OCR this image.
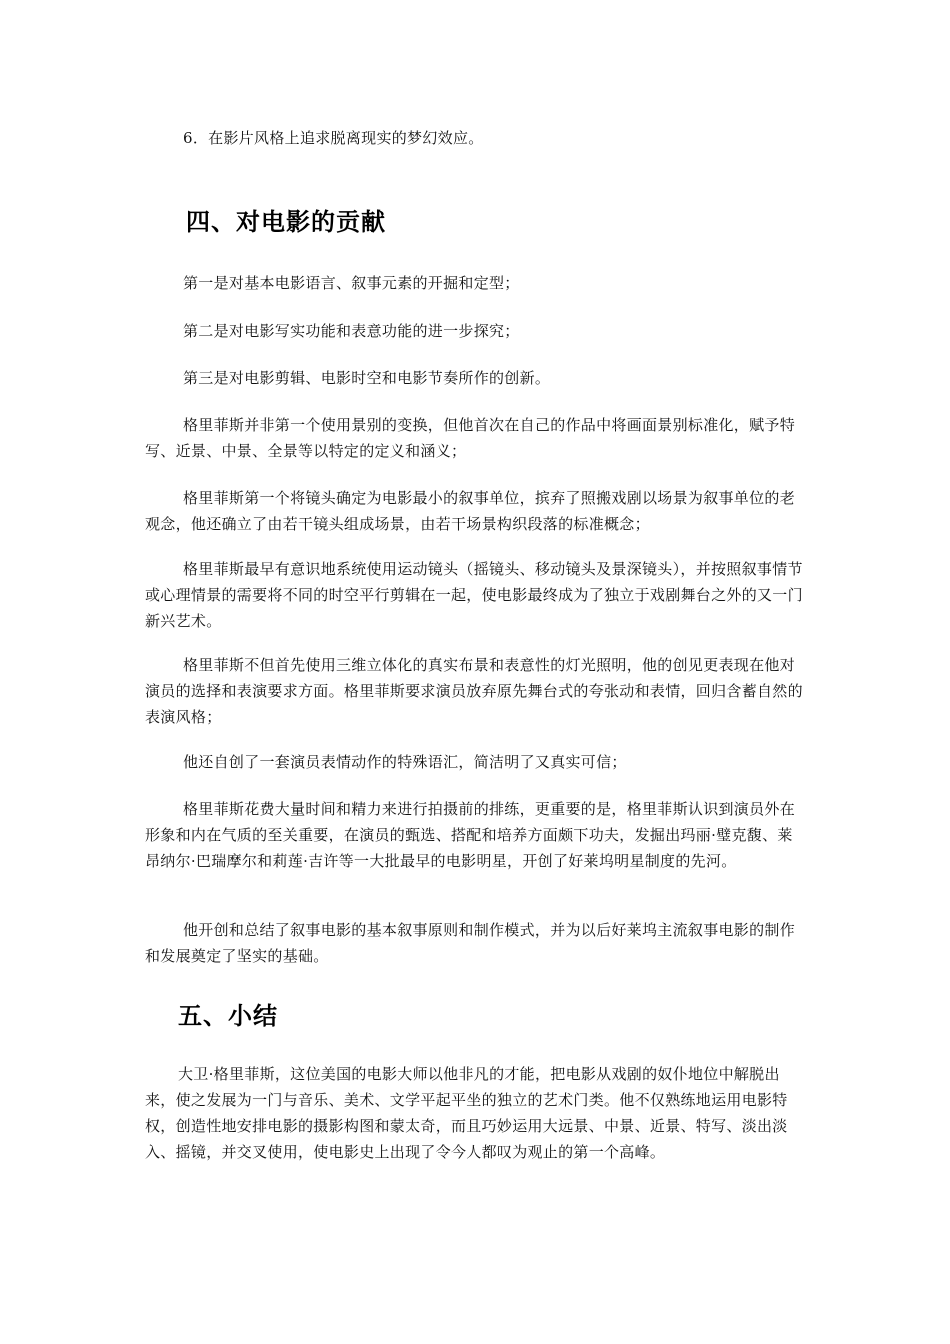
6．在影片风格上追求脱离现实的梦幻效应。

四、对电影的贡献

第一是对基本电影语言、叙事元素的开掘和定型；

第二是对电影写实功能和表意功能的进一步探究；

第三是对电影剪辑、电影时空和电影节奏所作的创新。

格里菲斯并非第一个使用景别的变换，但他首次在自己的作品中将画面景别标准化，赋予特写、近景、中景、全景等以特定的定义和涵义；

格里菲斯第一个将镜头确定为电影最小的叙事单位，摈弃了照搬戏剧以场景为叙事单位的老观念，他还确立了由若干镜头组成场景，由若干场景构织段落的标准概念；

格里菲斯最早有意识地系统使用运动镜头（摇镜头、移动镜头及景深镜头），并按照叙事情节或心理情景的需要将不同的时空平行剪辑在一起，使电影最终成为了独立于戏剧舞台之外的又一门新兴艺术。

格里菲斯不但首先使用三维立体化的真实布景和表意性的灯光照明，他的创见更表现在他对演员的选择和表演要求方面。格里菲斯要求演员放弃原先舞台式的夸张动和表情，回归含蓄自然的表演风格；

他还自创了一套演员表情动作的特殊语汇，简洁明了又真实可信；

格里菲斯花费大量时间和精力来进行拍摄前的排练，更重要的是，格里菲斯认识到演员外在形象和内在气质的至关重要，在演员的甄选、搭配和培养方面颇下功夫，发掘出玛丽·璧克馥、莱昂纳尔·巴瑞摩尔和莉莲·吉许等一大批最早的电影明星，开创了好莱坞明星制度的先河。

他开创和总结了叙事电影的基本叙事原则和制作模式，并为以后好莱坞主流叙事电影的制作和发展奠定了坚实的基础。

五、小结

大卫·格里菲斯，这位美国的电影大师以他非凡的才能，把电影从戏剧的奴仆地位中解脱出来，使之发展为一门与音乐、美术、文学平起平坐的独立的艺术门类。他不仅熟练地运用电影特权，创造性地安排电影的摄影构图和蒙太奇，而且巧妙运用大远景、中景、近景、特写、淡出淡入、摇镜，并交叉使用，使电影史上出现了令今人都叹为观止的第一个高峰。
